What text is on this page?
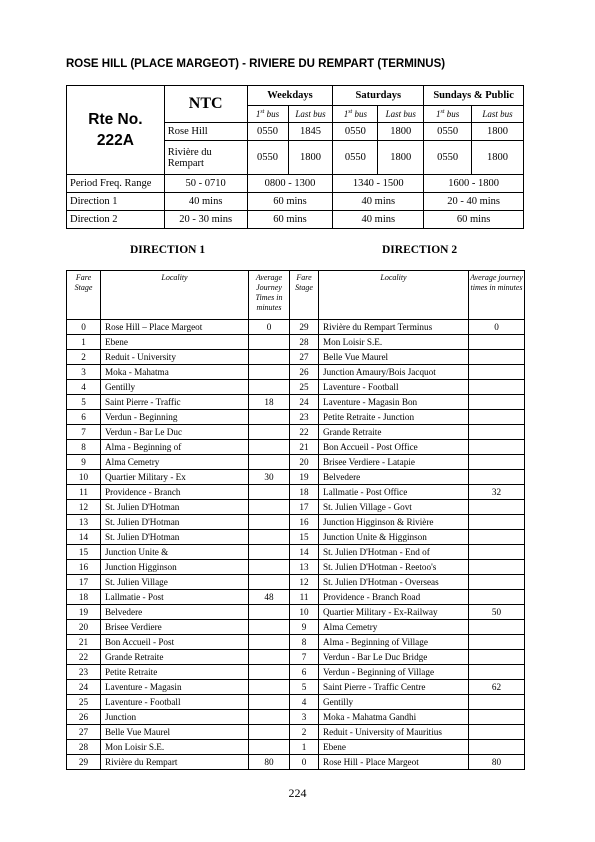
ROSE HILL (PLACE MARGEOT) - RIVIERE DU REMPART (TERMINUS)
Rte No.
222A	NTC	Weekdays		Saturdays		Sundays & Public	
		1st bus	Last bus	1st bus	Last bus	1st bus	Last bus

	Rose Hill	0550	1845	0550	1800	0550	1800

	Rivière du
Rempart	0550	1800	0550	1800	0550	1800
Period Freq. Range	50 - 0710	0800 - 1300		1340 - 1500		1600 - 1800	
Direction 1	40 mins	60 mins		40 mins		20 - 40 mins	
Direction 2	20 - 30 mins	60 mins		40 mins		60 mins	
DIRECTION 1	DIRECTION 2
Fare Stage	Locality	Average Journey Times in minutes	Fare Stage	Locality	Average journey times in minutes
0	Rose Hill – Place Margeot	0	29	Rivière du Rempart Terminus	0
1	Ebene		28	Mon Loisir S.E.	
2	Reduit - University		27	Belle Vue Maurel	
3	Moka - Mahatma		26	Junction Amaury/Bois Jacquot	
4	Gentilly		25	Laventure - Football	
5	Saint Pierre - Traffic	18	24	Laventure - Magasin Bon	
6	Verdun - Beginning		23	Petite Retraite - Junction	
7	Verdun - Bar Le Duc		22	Grande Retraite	
8	Alma - Beginning of		21	Bon Accueil - Post Office	
9	Alma Cemetry		20	Brisee Verdiere - Latapie	
10	Quartier Military - Ex	30	19	Belvedere	
11	Providence - Branch		18	Lallmatie - Post Office	32
12	St. Julien D'Hotman		17	St. Julien Village - Govt	
13	St. Julien D'Hotman		16	Junction Higginson & Rivière	
14	St. Julien D'Hotman		15	Junction Unite & Higginson	
15	Junction Unite &		14	St. Julien D'Hotman - End of	
16	Junction Higginson		13	St. Julien D'Hotman - Reetoo's	
17	St. Julien Village		12	St. Julien D'Hotman - Overseas	
18	Lallmatie - Post	48	11	Providence - Branch Road	
19	Belvedere		10	Quartier Military - Ex-Railway	50
20	Brisee Verdiere		9	Alma Cemetry	
21	Bon Accueil - Post		8	Alma - Beginning of Village	
22	Grande Retraite		7	Verdun - Bar Le Duc Bridge	
23	Petite Retraite		6	Verdun - Beginning of Village	
24	Laventure - Magasin		5	Saint Pierre - Traffic Centre	62
25	Laventure - Football		4	Gentilly	
26	Junction		3	Moka - Mahatma Gandhi	
27	Belle Vue Maurel		2	Reduit - University of Mauritius	
28	Mon Loisir S.E.		1	Ebene	
29	Rivière du Rempart	80	0	Rose Hill - Place Margeot	80
224
